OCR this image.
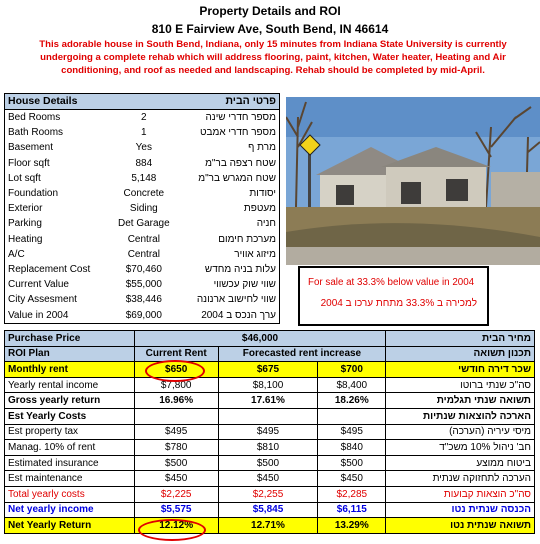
Property Details and ROI
810 E Fairview Ave, South Bend, IN 46614
This adorable house in South Bend, Indiana, only 15 minutes from Indiana State University is currently undergoing a complete rehab which will address flooring, paint, kitchen, Water heater, Heating and Air conditioning, and roof as needed and landscaping. Rehab should be completed by mid-April.
House Details		פרטי הבית
Bed Rooms	2	מספר חדרי שינה
Bath Rooms	1	מספר חדרי אמבט
Basement	Yes	מרת ף
Floor sqft	884	שטח רצפה בר"מ
Lot sqft	5,148	שטח המגרש בר"מ
Foundation	Concrete	יסודות
Exterior	Siding	מעטפת
Parking	Det Garage	חניה
Heating	Central	מערכת חימום
A/C	Central	מיזוג אוויר
Replacement Cost	$70,460	עלות בניה מחדש
Current Value	$55,000	שווי שוק עכשווי
City Assesment	$38,446	שווי לחישוב ארנונה
Value in 2004	$69,000	ערך הנכס ב 2004
For sale at 33.3% below value in 2004
למכירה ב 33.3% מתחת ערכו ב 2004
Purchase Price	$46,000			מחיר הבית
ROI Plan	Current Rent	Forecasted rent increase		תכנון תשואה
Monthly rent	$650	$675	$700	שכר דירה חודשי
Yearly rental income	$7,800	$8,100	$8,400	סה"כ שנתי ברוטו
Gross yearly return	16.96%	17.61%	18.26%	תשואה שנתי תגלמית
Est Yearly Costs				הארכה להוצאות שנתיות
Est property tax	$495	$495	$495	מיסי עיריה (הערכה)
Manag. 10% of rent	$780	$810	$840	חב' ניהול 10% משכ"ד
Estimated insurance	$500	$500	$500	ביטוח ממוצע
Est maintenance	$450	$450	$450	הערכה לתחזוקה שנתית
Total yearly costs	$2,225	$2,255	$2,285	סה"כ הוצאות קבועות
Net yearly income	$5,575	$5,845	$6,115	הכנסה שנתית נטו
Net Yearly Return	12.12%	12.71%	13.29%	תשואה שנתית נטו
